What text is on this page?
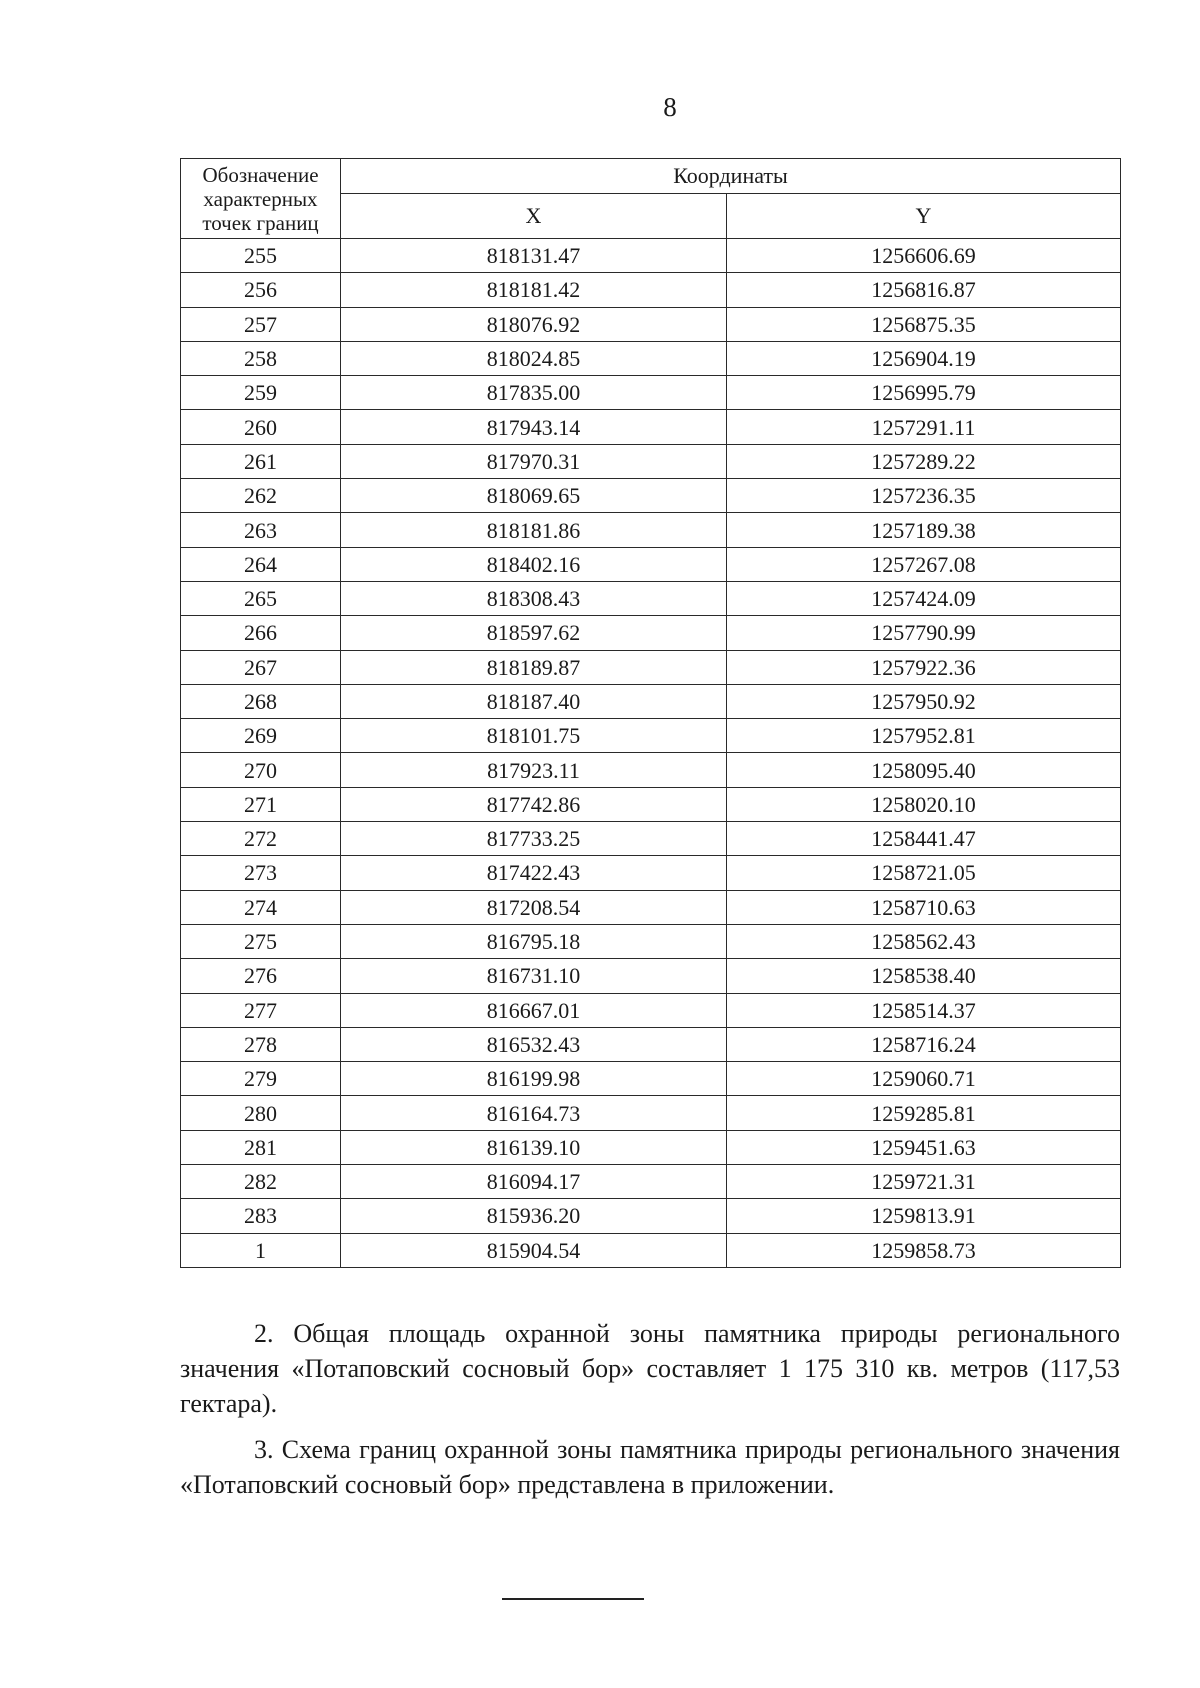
8
Обозначение характерных точек границ	Координаты	
	X	Y
255	818131.47	1256606.69
256	818181.42	1256816.87
257	818076.92	1256875.35
258	818024.85	1256904.19
259	817835.00	1256995.79
260	817943.14	1257291.11
261	817970.31	1257289.22
262	818069.65	1257236.35
263	818181.86	1257189.38
264	818402.16	1257267.08
265	818308.43	1257424.09
266	818597.62	1257790.99
267	818189.87	1257922.36
268	818187.40	1257950.92
269	818101.75	1257952.81
270	817923.11	1258095.40
271	817742.86	1258020.10
272	817733.25	1258441.47
273	817422.43	1258721.05
274	817208.54	1258710.63
275	816795.18	1258562.43
276	816731.10	1258538.40
277	816667.01	1258514.37
278	816532.43	1258716.24
279	816199.98	1259060.71
280	816164.73	1259285.81
281	816139.10	1259451.63
282	816094.17	1259721.31
283	815936.20	1259813.91
1	815904.54	1259858.73

2. Общая площадь охранной зоны памятника природы регионального значения «Потаповский сосновый бор» составляет 1 175 310 кв. метров (117,53 гектара).

3. Схема границ охранной зоны памятника природы регионального значения «Потаповский сосновый бор» представлена в приложении.
